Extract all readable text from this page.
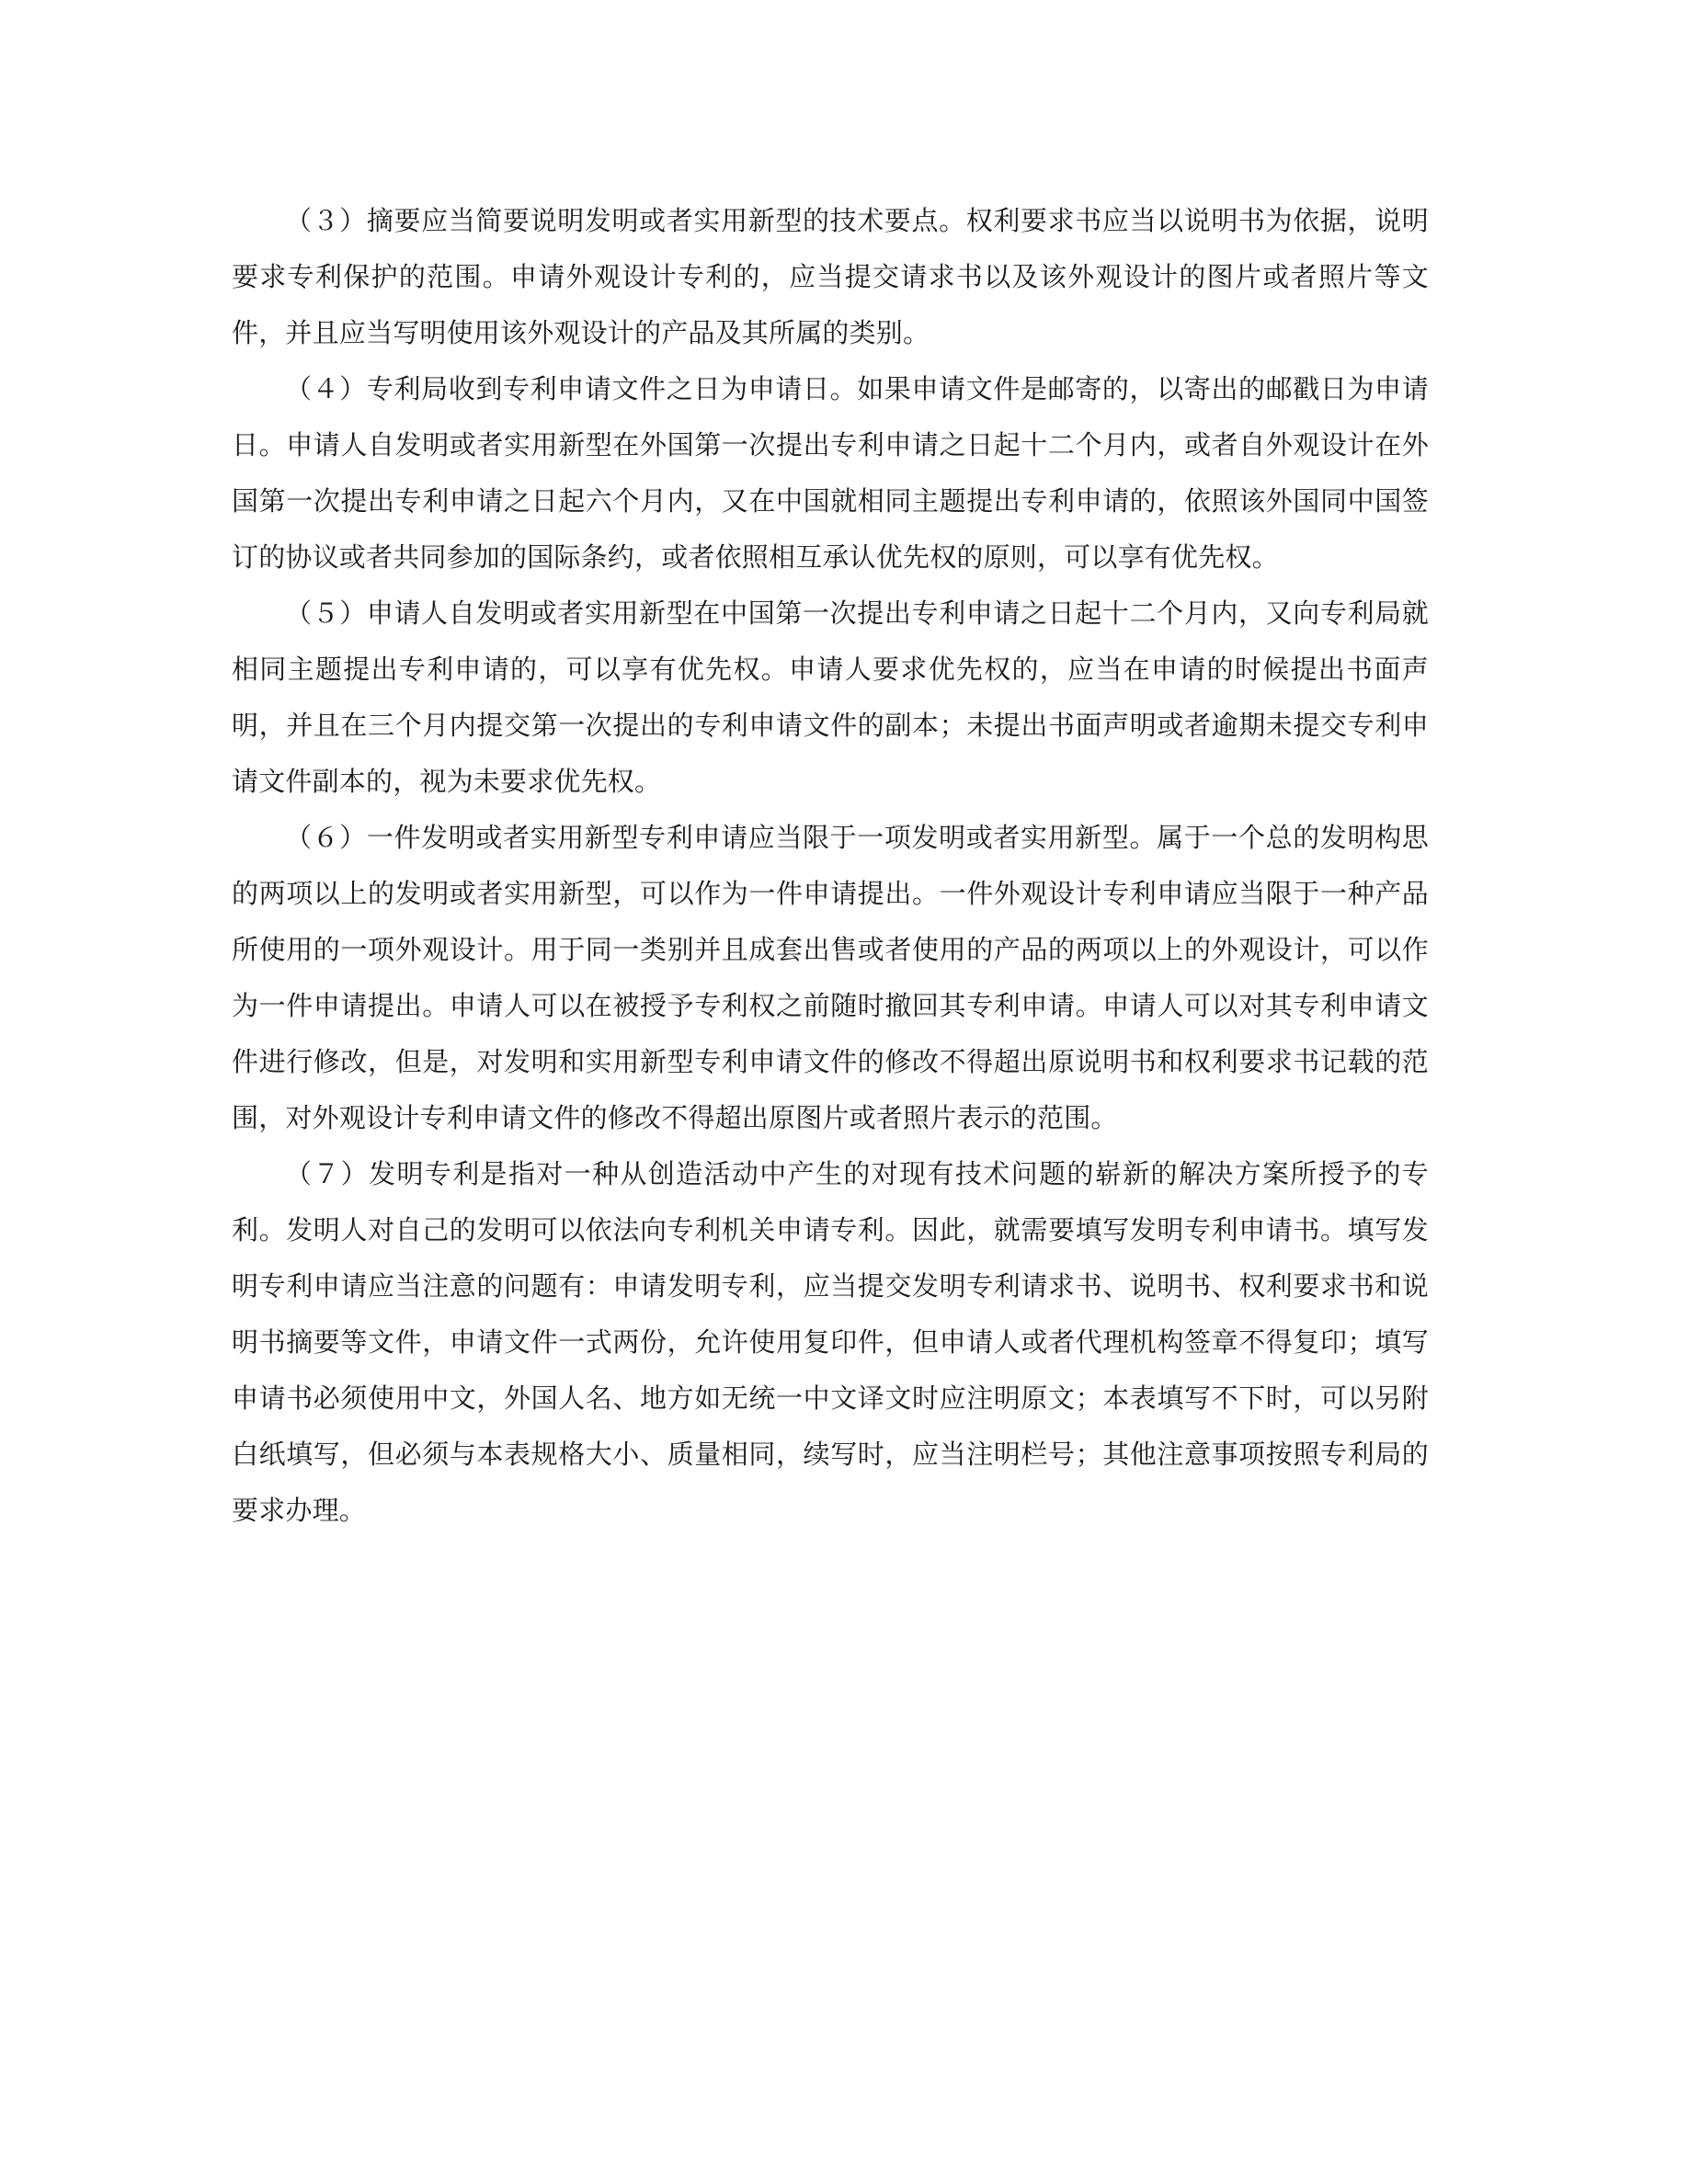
（３）摘要应当简要说明发明或者实用新型的技术要点。权利要求书应当以说明书为依据，说明要求专利保护的范围。申请外观设计专利的，应当提交请求书以及该外观设计的图片或者照片等文件，并且应当写明使用该外观设计的产品及其所属的类别。

（４）专利局收到专利申请文件之日为申请日。如果申请文件是邮寄的，以寄出的邮戳日为申请日。申请人自发明或者实用新型在外国第一次提出专利申请之日起十二个月内，或者自外观设计在外国第一次提出专利申请之日起六个月内，又在中国就相同主题提出专利申请的，依照该外国同中国签订的协议或者共同参加的国际条约，或者依照相互承认优先权的原则，可以享有优先权。

（５）申请人自发明或者实用新型在中国第一次提出专利申请之日起十二个月内，又向专利局就相同主题提出专利申请的，可以享有优先权。申请人要求优先权的，应当在申请的时候提出书面声明，并且在三个月内提交第一次提出的专利申请文件的副本；未提出书面声明或者逾期未提交专利申请文件副本的，视为未要求优先权。

（６）一件发明或者实用新型专利申请应当限于一项发明或者实用新型。属于一个总的发明构思的两项以上的发明或者实用新型，可以作为一件申请提出。一件外观设计专利申请应当限于一种产品所使用的一项外观设计。用于同一类别并且成套出售或者使用的产品的两项以上的外观设计，可以作为一件申请提出。申请人可以在被授予专利权之前随时撤回其专利申请。申请人可以对其专利申请文件进行修改，但是，对发明和实用新型专利申请文件的修改不得超出原说明书和权利要求书记载的范围，对外观设计专利申请文件的修改不得超出原图片或者照片表示的范围。

（７）发明专利是指对一种从创造活动中产生的对现有技术问题的崭新的解决方案所授予的专利。发明人对自己的发明可以依法向专利机关申请专利。因此，就需要填写发明专利申请书。填写发明专利申请应当注意的问题有：申请发明专利，应当提交发明专利请求书、说明书、权利要求书和说明书摘要等文件，申请文件一式两份，允许使用复印件，但申请人或者代理机构签章不得复印；填写申请书必须使用中文，外国人名、地方如无统一中文译文时应注明原文；本表填写不下时，可以另附白纸填写，但必须与本表规格大小、质量相同，续写时，应当注明栏号；其他注意事项按照专利局的要求办理。
